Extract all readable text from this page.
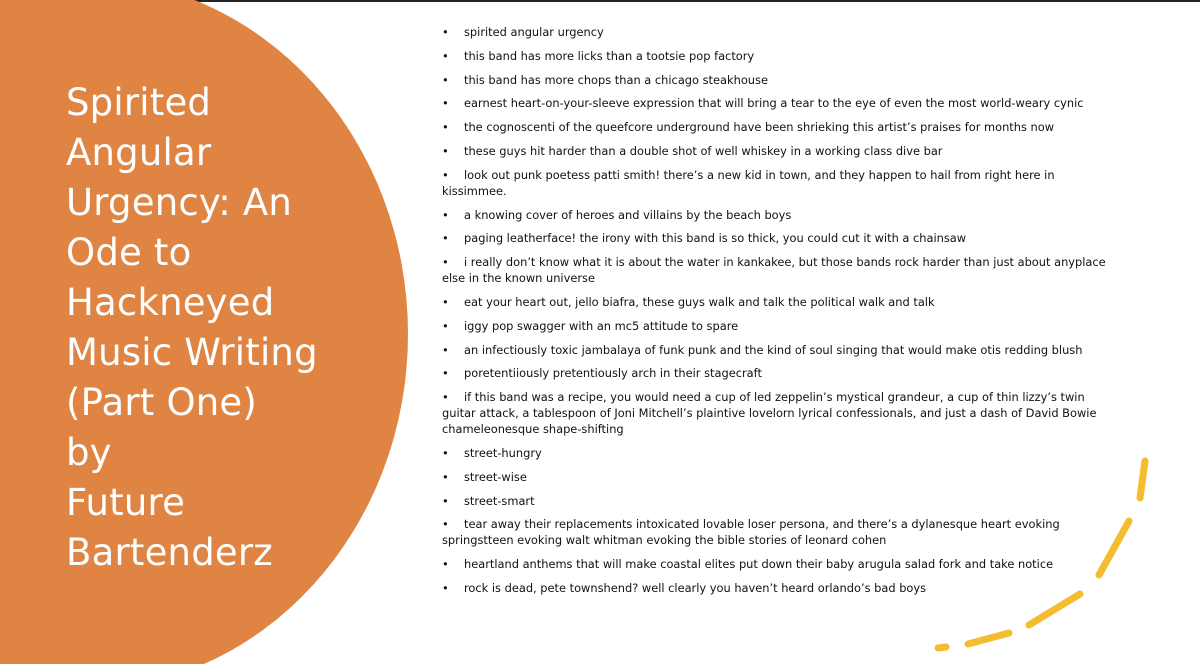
Spirited
Angular
Urgency: An
Ode to
Hackneyed
Music Writing
(Part One)
by
Future
Bartenderz
• spirited angular urgency
• this band has more licks than a tootsie pop factory
• this band has more chops than a chicago steakhouse
• earnest heart-on-your-sleeve expression that will bring a tear to the eye of even the most world-weary cynic
• the cognoscenti of the queefcore underground have been shrieking this artist’s praises for months now
• these guys hit harder than a double shot of well whiskey in a working class dive bar
• look out punk poetess patti smith! there’s a new kid in town, and they happen to hail from right here in kissimmee.
• a knowing cover of heroes and villains by the beach boys
• paging leatherface! the irony with this band is so thick, you could cut it with a chainsaw
• i really don’t know what it is about the water in kankakee, but those bands rock harder than just about anyplace else in the known universe
• eat your heart out, jello biafra, these guys walk and talk the political walk and talk
• iggy pop swagger with an mc5 attitude to spare
• an infectiously toxic jambalaya of funk punk and the kind of soul singing that would make otis redding blush
• poretentiiously pretentiously arch in their stagecraft
• if this band was a recipe, you would need a cup of led zeppelin’s mystical grandeur, a cup of thin lizzy’s twin guitar attack, a tablespoon of Joni Mitchell’s plaintive lovelorn lyrical confessionals, and just a dash of David Bowie chameleonesque shape-shifting
• street-hungry
• street-wise
• street-smart
• tear away their replacements intoxicated lovable loser persona, and there’s a dylanesque heart evoking springstteen evoking walt whitman evoking the bible stories of leonard cohen
• heartland anthems that will make coastal elites put down their baby arugula salad fork and take notice
• rock is dead, pete townshend? well clearly you haven’t heard orlando’s bad boys
